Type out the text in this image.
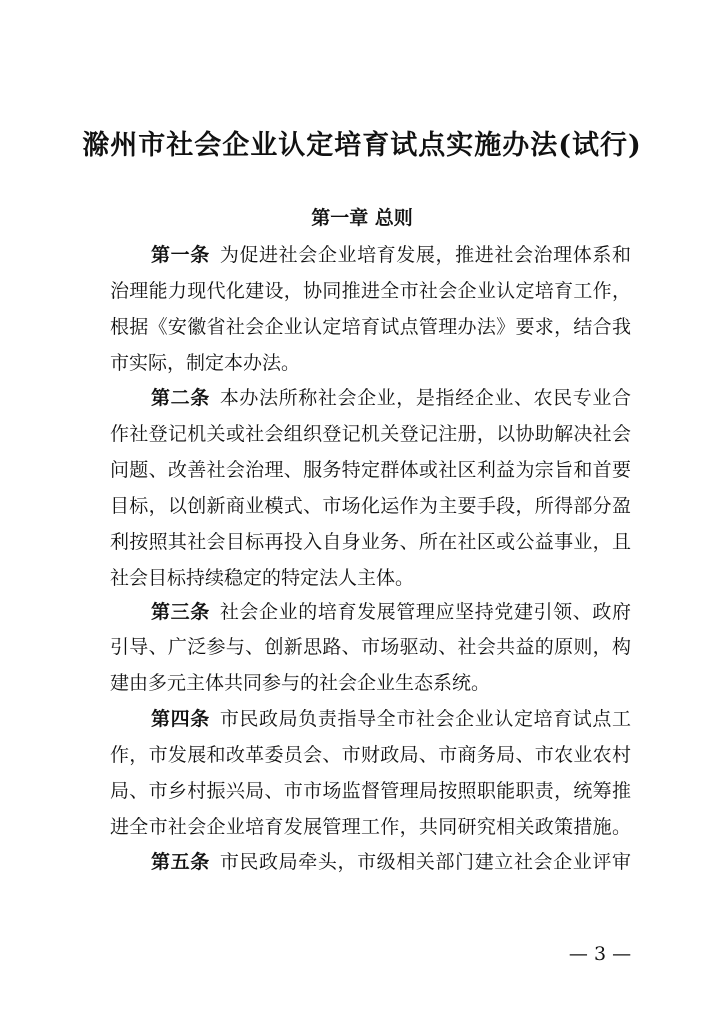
滁州市社会企业认定培育试点实施办法(试行)
第一章 总则
第一条 为促进社会企业培育发展，推进社会治理体系和
治理能力现代化建设，协同推进全市社会企业认定培育工作，
根据《安徽省社会企业认定培育试点管理办法》要求，结合我
市实际，制定本办法。
第二条 本办法所称社会企业，是指经企业、农民专业合
作社登记机关或社会组织登记机关登记注册，以协助解决社会
问题、改善社会治理、服务特定群体或社区利益为宗旨和首要
目标，以创新商业模式、市场化运作为主要手段，所得部分盈
利按照其社会目标再投入自身业务、所在社区或公益事业，且
社会目标持续稳定的特定法人主体。
第三条 社会企业的培育发展管理应坚持党建引领、政府
引导、广泛参与、创新思路、市场驱动、社会共益的原则，构
建由多元主体共同参与的社会企业生态系统。
第四条 市民政局负责指导全市社会企业认定培育试点工
作，市发展和改革委员会、市财政局、市商务局、市农业农村
局、市乡村振兴局、市市场监督管理局按照职能职责，统筹推
进全市社会企业培育发展管理工作，共同研究相关政策措施。
第五条 市民政局牵头，市级相关部门建立社会企业评审
— 3 —
